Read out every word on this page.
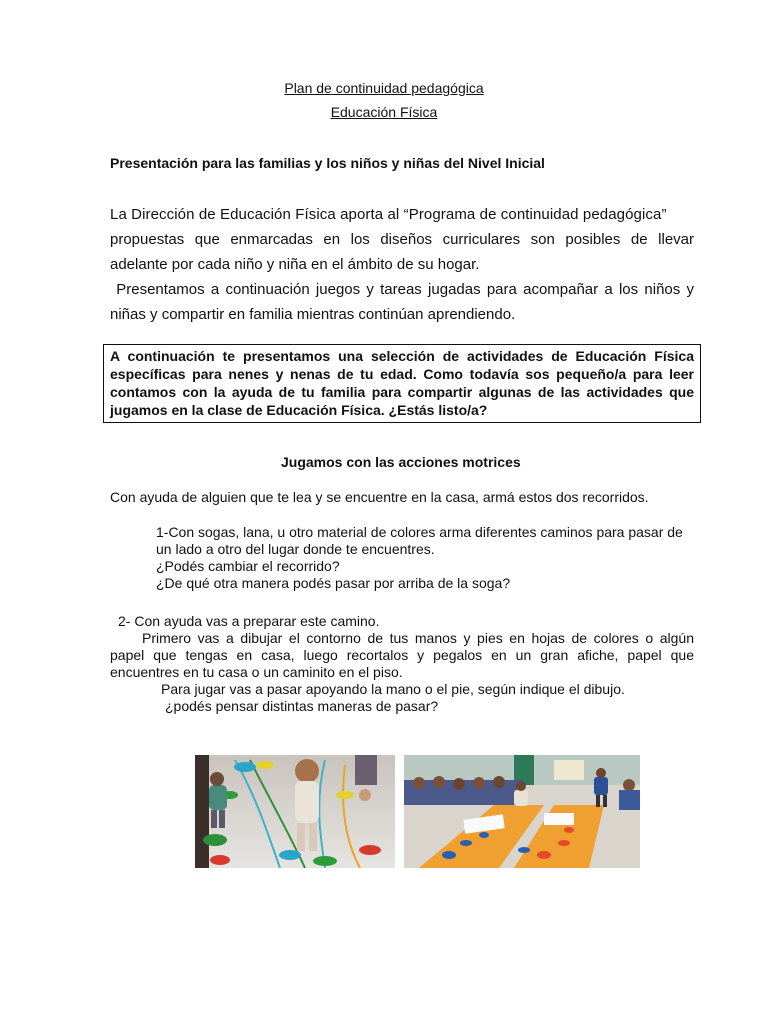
Plan de continuidad pedagógica
Educación Física
Presentación para las familias y los niños y niñas del Nivel Inicial
La Dirección de Educación Física aporta al “Programa de continuidad pedagógica”
propuestas que enmarcadas en los diseños curriculares son posibles de llevar
adelante por cada niño y niña en el ámbito de su hogar.
Presentamos a continuación juegos y tareas jugadas para acompañar a los niños y
niñas y compartir en familia mientras continúan aprendiendo.
A continuación te presentamos una selección de actividades de Educación Física
específicas para nenes y nenas de tu edad. Como todavía sos pequeño/a para leer
contamos con la ayuda de tu familia para compartir algunas de las actividades que
jugamos en la clase de Educación Física. ¿Estás listo/a?
Jugamos con las acciones motrices
Con ayuda de alguien que te lea y se encuentre en la casa, armá estos dos recorridos.
1-Con sogas, lana, u otro material de colores arma diferentes caminos para pasar de
un lado a otro del lugar donde te encuentres.
¿Podés cambiar el recorrido?
¿De qué otra manera podés pasar por arriba de la soga?
2- Con ayuda vas a preparar este camino.
Primero vas a dibujar el contorno de tus manos y pies en hojas de colores o algún
papel que tengas en casa, luego recortalos y pegalos en un gran afiche, papel que
encuentres en tu casa o un caminito en el piso.
Para jugar vas a pasar apoyando la mano o el pie, según indique el dibujo.
¿podés pensar distintas maneras de pasar?
